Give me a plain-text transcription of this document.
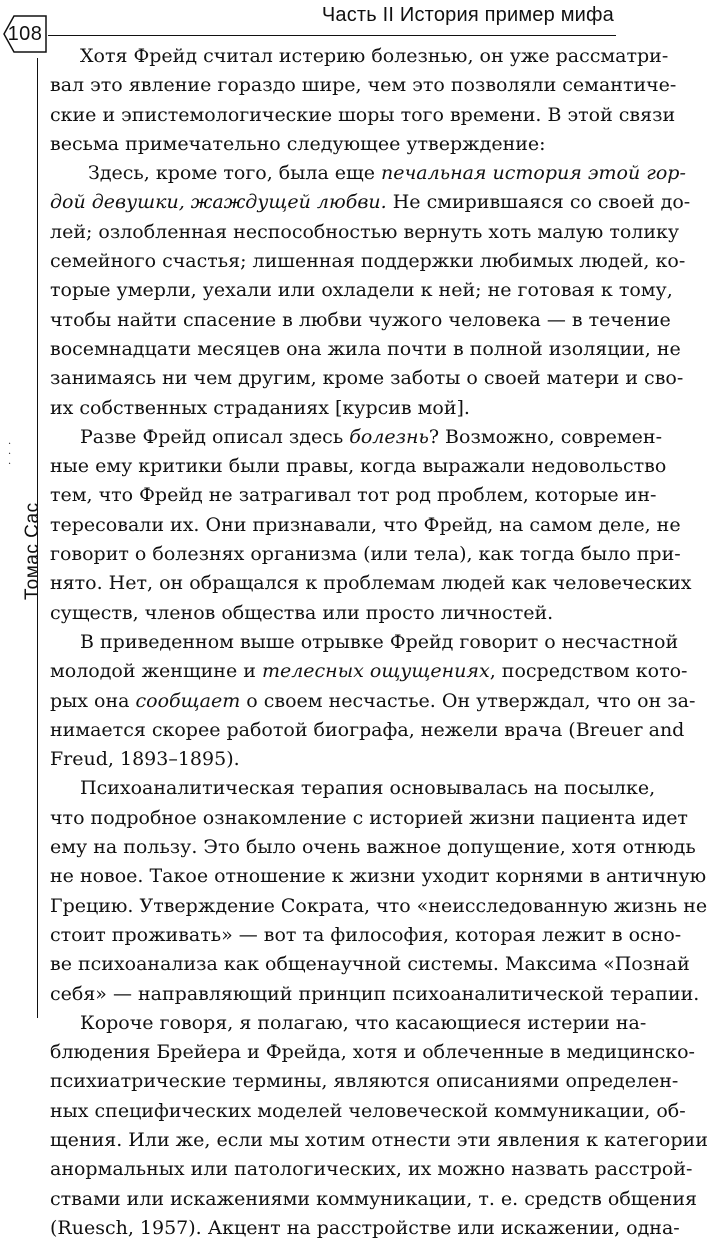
108
Часть II История пример мифа
·
·
·
Томас Сас
Хотя Фрейд считал истерию болезнью, он уже рассматри-
вал это явление гораздо шире, чем это позволяли семантиче-
ские и эпистемологические шоры того времени. В этой связи
весьма примечательно следующее утверждение:
Здесь, кроме того, была еще печальная история этой гор-
дой девушки, жаждущей любви. Не смирившаяся со своей до-
лей; озлобленная неспособностью вернуть хоть малую толику
семейного счастья; лишенная поддержки любимых людей, ко-
торые умерли, уехали или охладели к ней; не готовая к тому,
чтобы найти спасение в любви чужого человека — в течение
восемнадцати месяцев она жила почти в полной изоляции, не
занимаясь ни чем другим, кроме заботы о своей матери и сво-
их собственных страданиях [курсив мой].
Разве Фрейд описал здесь болезнь? Возможно, современ-
ные ему критики были правы, когда выражали недовольство
тем, что Фрейд не затрагивал тот род проблем, которые ин-
тересовали их. Они признавали, что Фрейд, на самом деле, не
говорит о болезнях организма (или тела), как тогда было при-
нято. Нет, он обращался к проблемам людей как человеческих
существ, членов общества или просто личностей.
В приведенном выше отрывке Фрейд говорит о несчастной
молодой женщине и телесных ощущениях, посредством кото-
рых она сообщает о своем несчастье. Он утверждал, что он за-
нимается скорее работой биографа, нежели врача (Breuer and
Freud, 1893–1895).
Психоаналитическая терапия основывалась на посылке,
что подробное ознакомление с историей жизни пациента идет
ему на пользу. Это было очень важное допущение, хотя отнюдь
не новое. Такое отношение к жизни уходит корнями в античную
Грецию. Утверждение Сократа, что «неисследованную жизнь не
стоит проживать» — вот та философия, которая лежит в осно-
ве психоанализа как общенаучной системы. Максима «Познай
себя» — направляющий принцип психоаналитической терапии.
Короче говоря, я полагаю, что касающиеся истерии на-
блюдения Брейера и Фрейда, хотя и облеченные в медицинско-
психиатрические термины, являются описаниями определен-
ных специфических моделей человеческой коммуникации, об-
щения. Или же, если мы хотим отнести эти явления к категории
анормальных или патологических, их можно назвать расстрой-
ствами или искажениями коммуникации, т. е. средств общения
(Ruesch, 1957). Акцент на расстройстве или искажении, одна-
